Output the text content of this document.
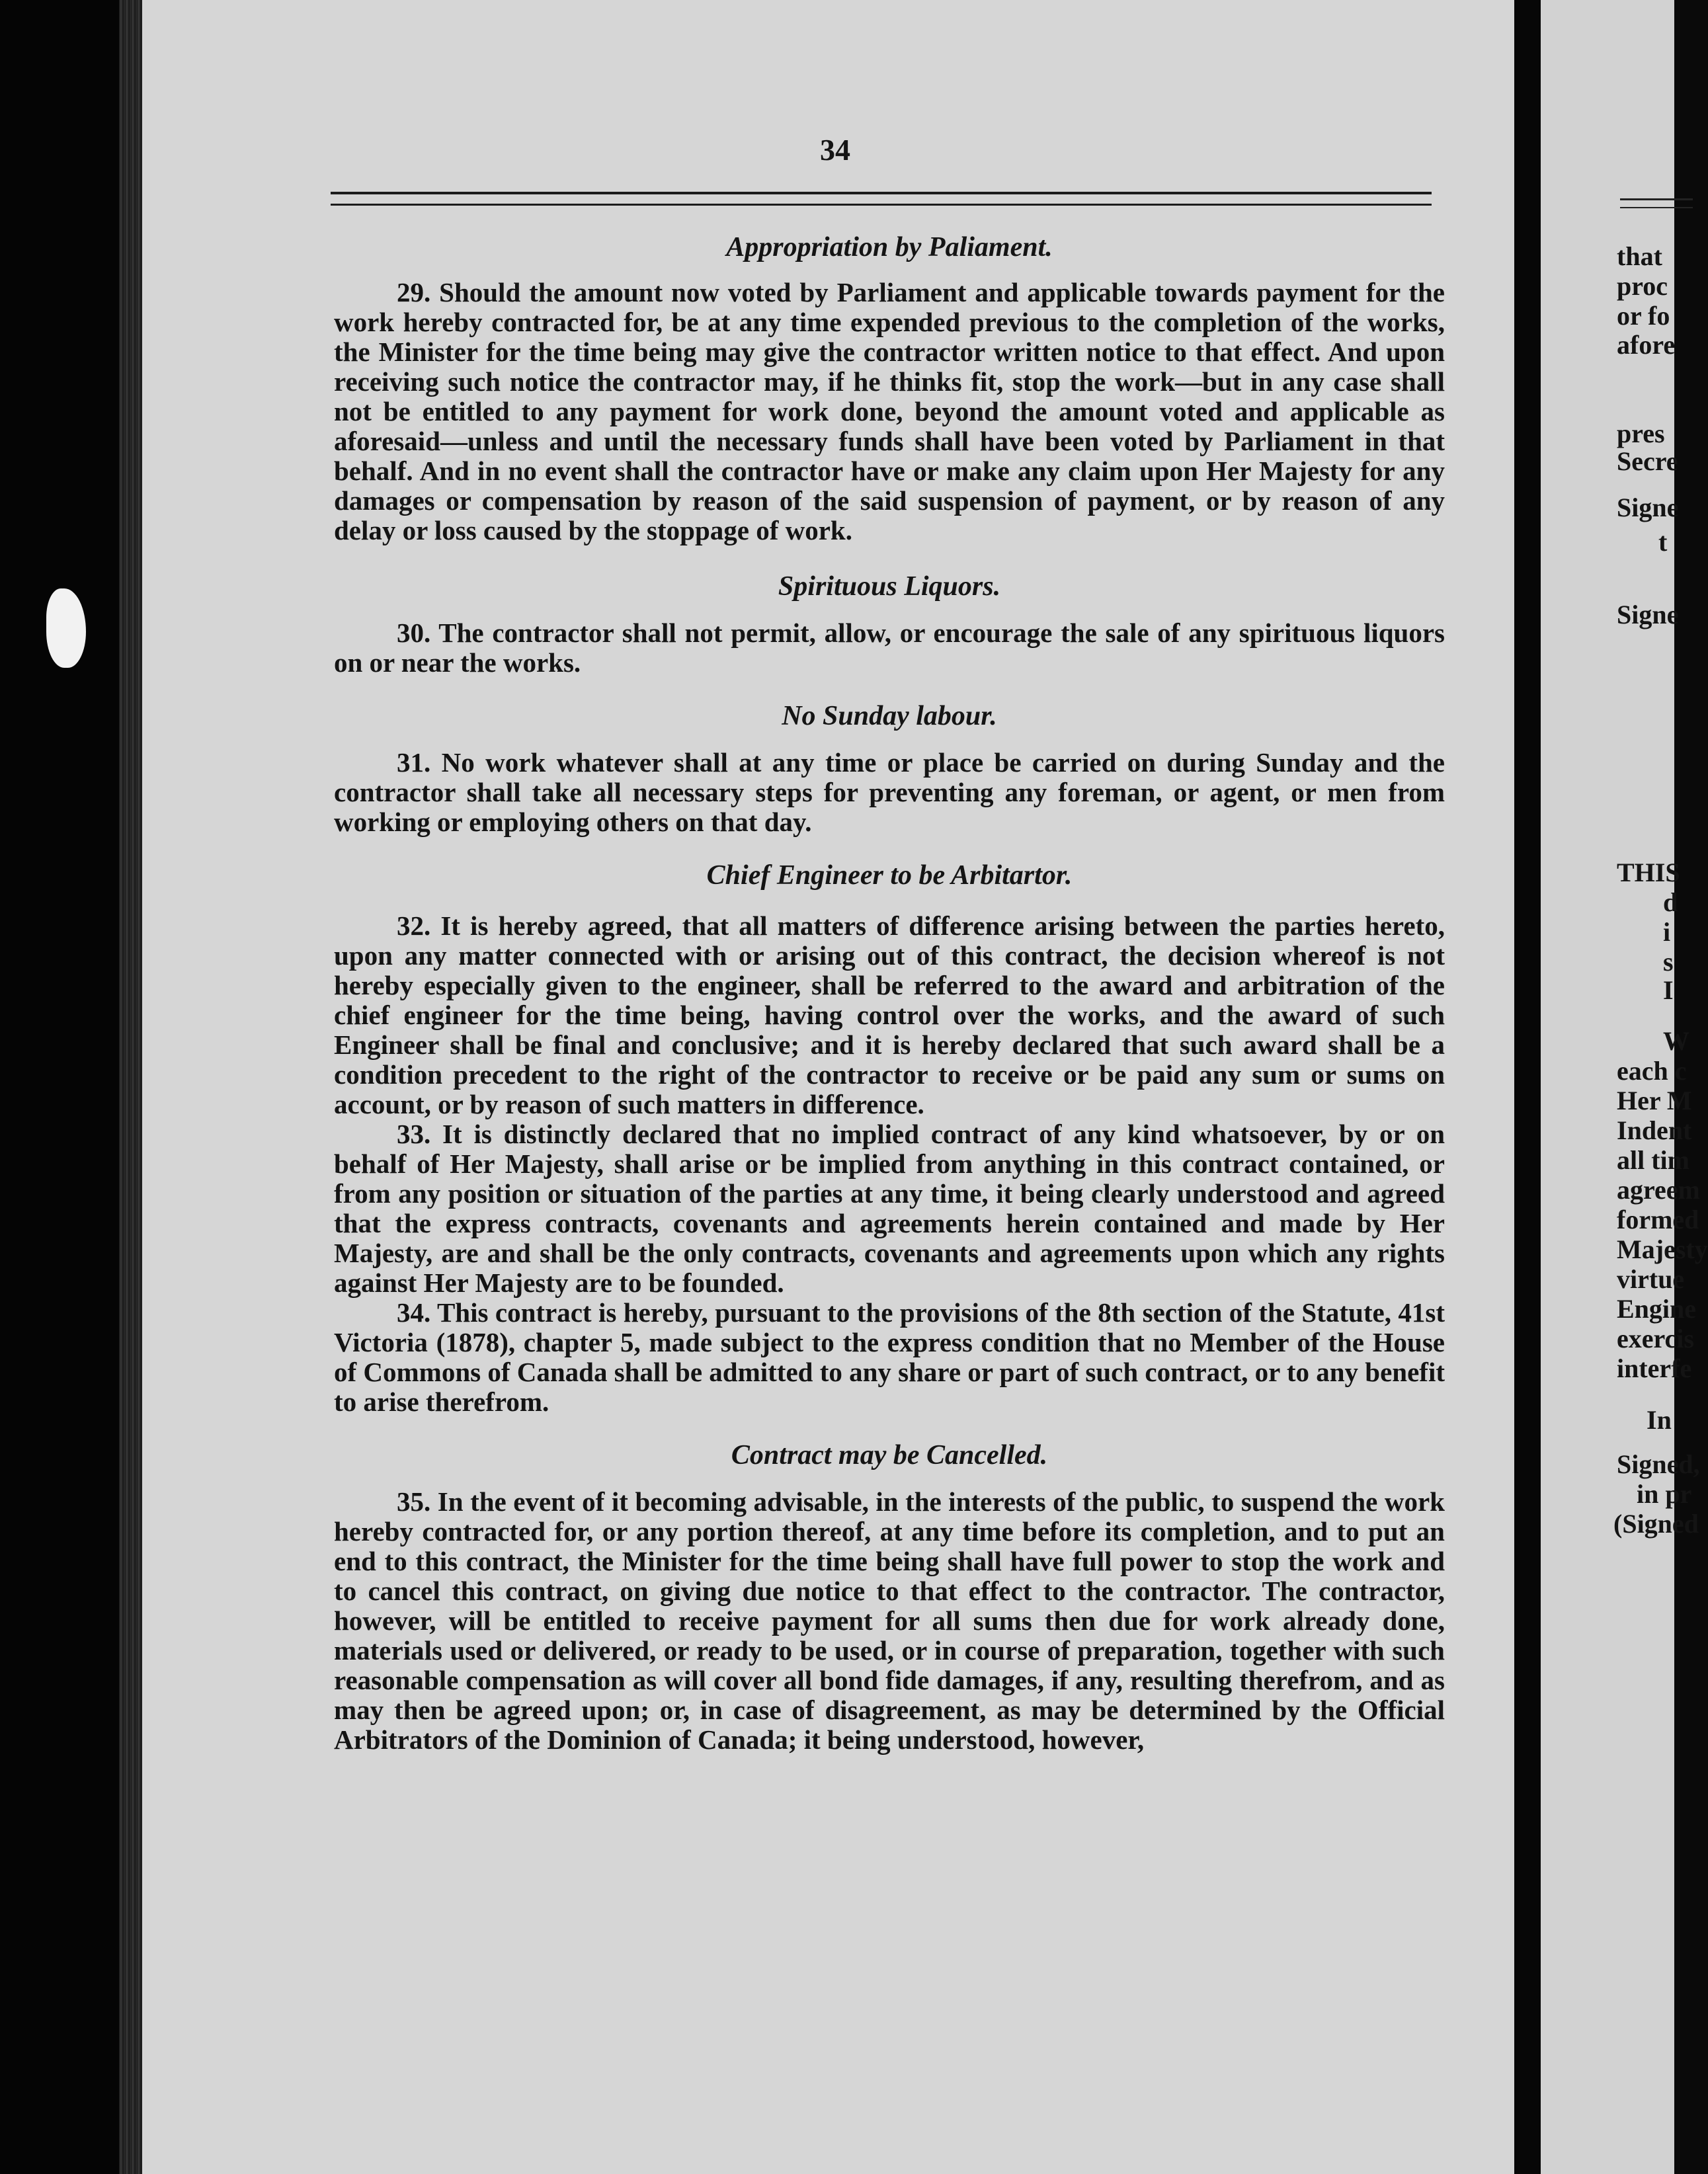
34
Appropriation by Paliament.

29. Should the amount now voted by Parliament and applicable towards payment for the work hereby contracted for, be at any time expended previous to the completion of the works, the Minister for the time being may give the contractor written notice to that effect. And upon receiving such notice the contractor may, if he thinks fit, stop the work—but in any case shall not be entitled to any payment for work done, beyond the amount voted and applicable as aforesaid—unless and until the necessary funds shall have been voted by Parliament in that behalf. And in no event shall the contractor have or make any claim upon Her Majesty for any damages or compensation by reason of the said suspension of payment, or by reason of any delay or loss caused by the stoppage of work.

Spirituous Liquors.

30. The contractor shall not permit, allow, or encourage the sale of any spirituous liquors on or near the works.

No Sunday labour.

31. No work whatever shall at any time or place be carried on during Sunday and the contractor shall take all necessary steps for preventing any foreman, or agent, or men from working or employing others on that day.

Chief Engineer to be Arbitartor.

32. It is hereby agreed, that all matters of difference arising between the parties hereto, upon any matter connected with or arising out of this contract, the decision whereof is not hereby especially given to the engineer, shall be referred to the award and arbitration of the chief engineer for the time being, having control over the works, and the award of such Engineer shall be final and conclusive; and it is hereby declared that such award shall be a condition precedent to the right of the contractor to receive or be paid any sum or sums on account, or by reason of such matters in difference.

33. It is distinctly declared that no implied contract of any kind whatsoever, by or on behalf of Her Majesty, shall arise or be implied from anything in this contract contained, or from any position or situation of the parties at any time, it being clearly understood and agreed that the express contracts, covenants and agreements herein contained and made by Her Majesty, are and shall be the only contracts, covenants and agreements upon which any rights against Her Majesty are to be founded.

34. This contract is hereby, pursuant to the provisions of the 8th section of the Statute, 41st Victoria (1878), chapter 5, made subject to the express condition that no Member of the House of Commons of Canada shall be admitted to any share or part of such contract, or to any benefit to arise therefrom.

Contract may be Cancelled.

35. In the event of it becoming advisable, in the interests of the public, to suspend the work hereby contracted for, or any portion thereof, at any time before its completion, and to put an end to this contract, the Minister for the time being shall have full power to stop the work and to cancel this contract, on giving due notice to that effect to the contractor. The contractor, however, will be entitled to receive payment for all sums then due for work already done, materials used or delivered, or ready to be used, or in course of preparation, together with such reasonable compensation as will cover all bond fide damages, if any, resulting therefrom, and as may then be agreed upon; or, in case of disagreement, as may be determined by the Official Arbitrators of the Dominion of Canada; it being understood, however,

that
proc
or fo
afore
pres
Secre
Signe
t
Signe
THIS
d
i
s
I
W
each c
Her M
Indent
all tim
agreem
formed
Majesty
virtue
Engine
exercis
interfe
In
Signed,
in pr
(Signed
